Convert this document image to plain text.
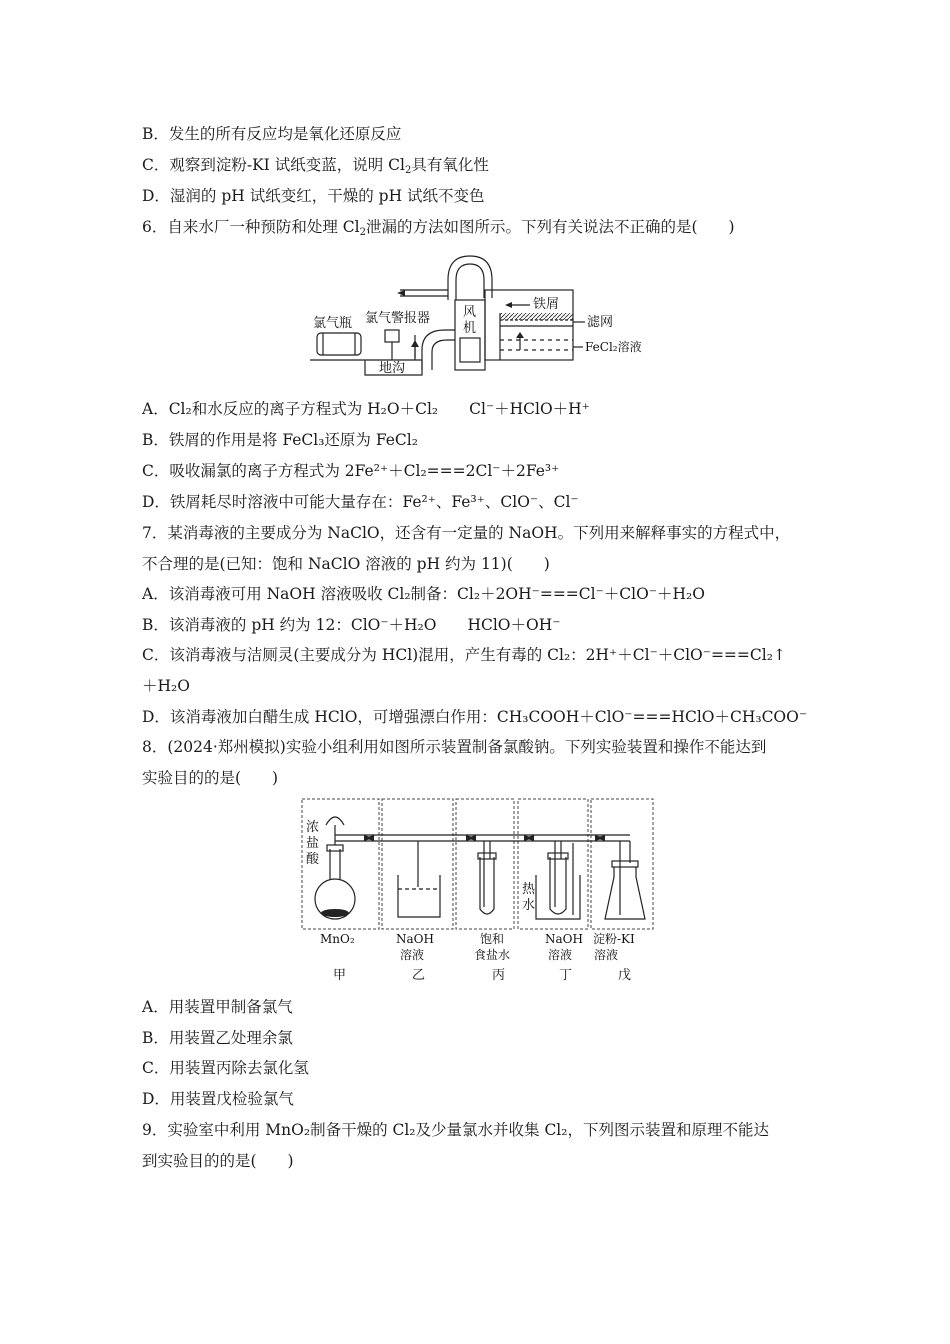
B．发生的所有反应均是氧化还原反应
C．观察到淀粉-KI 试纸变蓝，说明 $Cl_2$具有氧化性
D．湿润的 pH 试纸变红，干燥的 pH 试纸不变色
6．自来水厂一种预防和处理 $Cl_2$泄漏的方法如图所示。下列有关说法不正确的是(　　)
氯气瓶 氯气警报器	风
机
铁屑
滤网
FeCl₂溶液
地沟
A．Cl₂和水反应的离子方程式为 H₂O＋Cl₂　　Cl⁻＋HClO＋H⁺
B．铁屑的作用是将 FeCl₃还原为 FeCl₂
C．吸收漏氯的离子方程式为 2Fe²⁺＋Cl₂===2Cl⁻＋2Fe³⁺
D．铁屑耗尽时溶液中可能大量存在：Fe²⁺、Fe³⁺、ClO⁻、Cl⁻
7．某消毒液的主要成分为 NaClO，还含有一定量的 NaOH。下列用来解释事实的方程式中，
不合理的是(已知：饱和 NaClO 溶液的 pH 约为 11)(　　)
A．该消毒液可用 NaOH 溶液吸收 Cl₂制备：Cl₂＋2OH⁻===Cl⁻＋ClO⁻＋H₂O
B．该消毒液的 pH 约为 12：ClO⁻＋H₂O　　HClO＋OH⁻
C．该消毒液与洁厕灵(主要成分为 HCl)混用，产生有毒的 Cl₂：2H⁺＋Cl⁻＋ClO⁻===Cl₂↑
＋H₂O
D．该消毒液加白醋生成 HClO，可增强漂白作用：CH₃COOH＋ClO⁻===HClO＋CH₃COO⁻
8．(2024·郑州模拟)实验小组利用如图所示装置制备氯酸钠。下列实验装置和操作不能达到
实验目的的是(　　)
浓
盐
酸
热
水
MnO₂	NaOH
溶液
饱和
食盐水
NaOH
溶液
淀粉-KI
溶液
甲	乙	丙	丁	戊
A．用装置甲制备氯气
B．用装置乙处理余氯
C．用装置丙除去氯化氢
D．用装置戊检验氯气
9．实验室中利用 MnO₂制备干燥的 Cl₂及少量氯水并收集 Cl₂，下列图示装置和原理不能达
到实验目的的是(　　)
